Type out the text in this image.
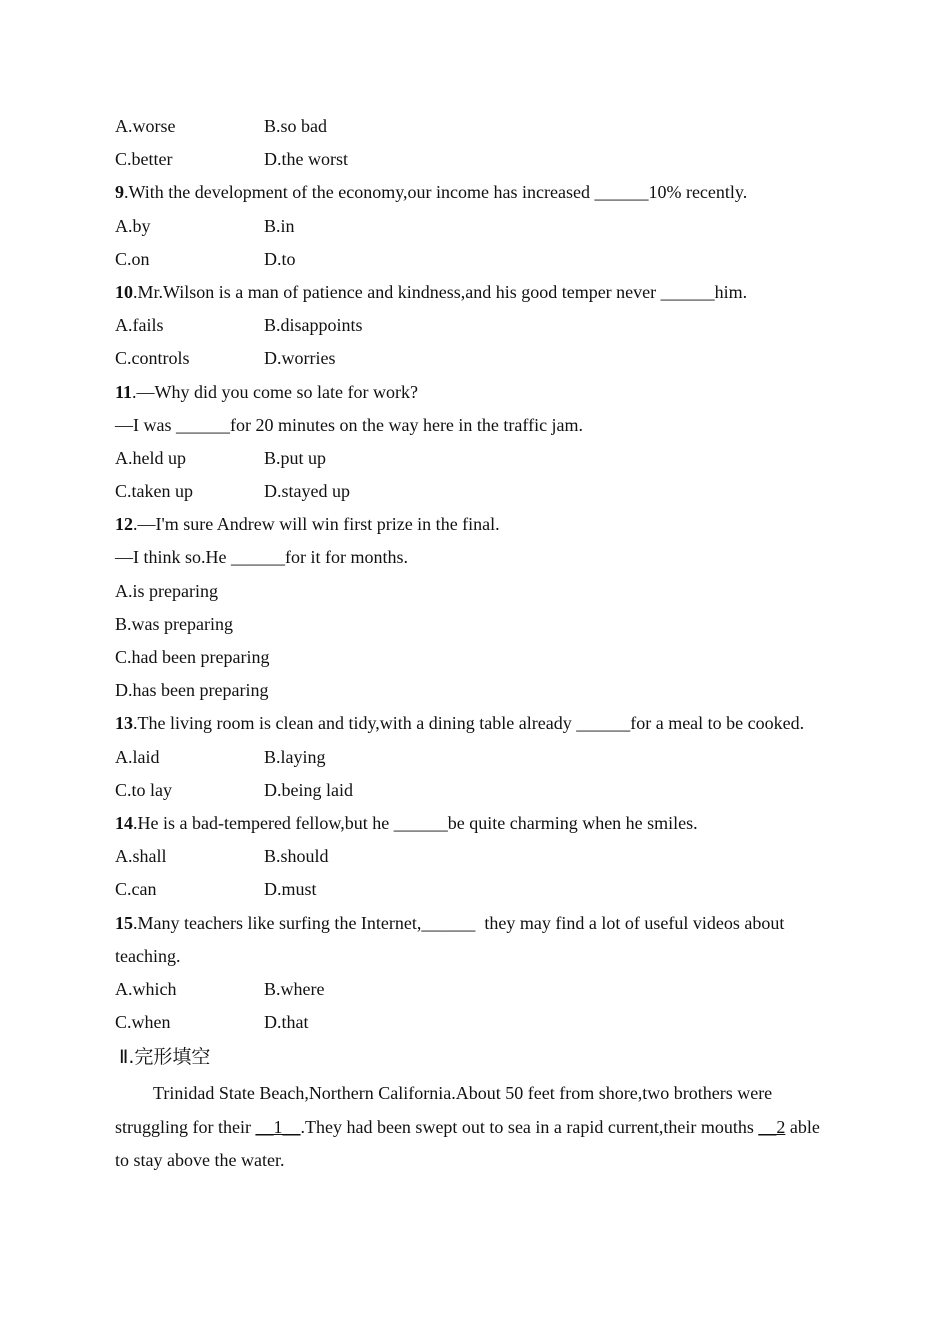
A.worse	B.so bad
C.better	D.the worst
9.With the development of the economy,our income has increased ______10% recently.
A.by	B.in
C.on	D.to
10.Mr.Wilson is a man of patience and kindness,and his good temper never ______him.
A.fails	B.disappoints
C.controls	D.worries
11.—Why did you come so late for work?
—I was ______for 20 minutes on the way here in the traffic jam.
A.held up	B.put up
C.taken up	D.stayed up
12.—I'm sure Andrew will win first prize in the final.
—I think so.He ______for it for months.
A.is preparing
B.was preparing
C.had been preparing
D.has been preparing
13.The living room is clean and tidy,with a dining table already ______for a meal to be cooked.
A.laid	B.laying
C.to lay	D.being laid
14.He is a bad-tempered fellow,but he ______be quite charming when he smiles.
A.shall	B.should
C.can	D.must
15.Many teachers like surfing the Internet,______  they may find a lot of useful videos about teaching.
A.which	B.where
C.when	D.that
Ⅱ.完形填空
Trinidad State Beach,Northern California.About 50 feet from shore,two brothers were struggling for their __1__.They had been swept out to sea in a rapid current,their mouths __2 able to stay above the water.
